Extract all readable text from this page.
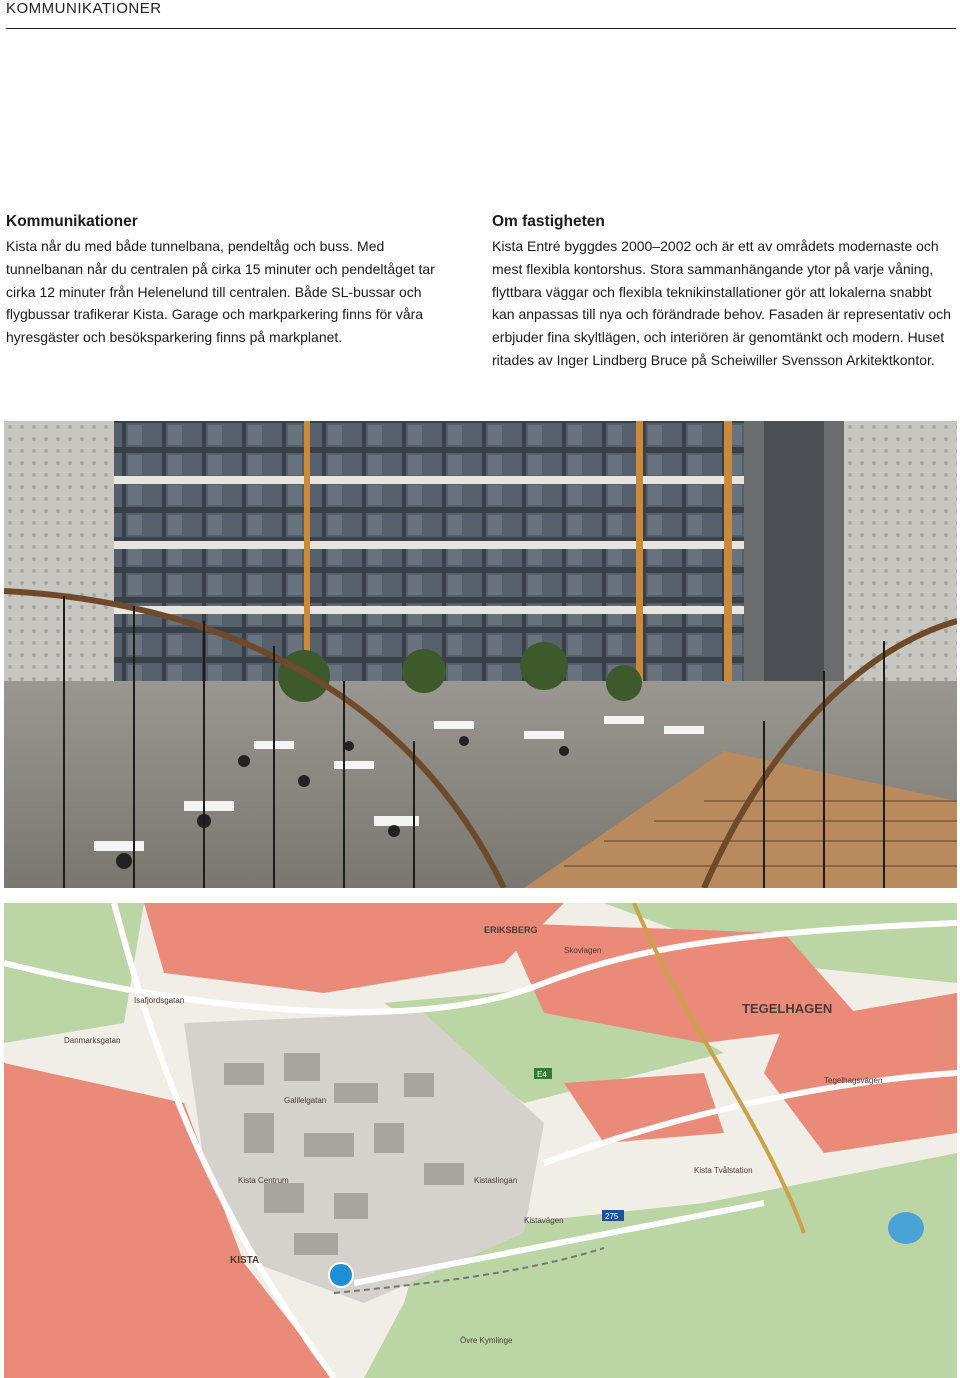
KOMMUNIKATIONER
Kommunikationer

Kista når du med både tunnelbana, pendeltåg och buss. Med tunnelbanan når du centralen på cirka 15 minuter och pendeltåget tar cirka 12 minuter från Helenelund till centralen. Både SL-bussar och flygbussar trafikerar Kista. Garage och markparkering finns för våra hyresgäster och besöksparkering finns på markplanet.

Om fastigheten

Kista Entré byggdes 2000–2002 och är ett av områdets modernaste och mest flexibla kontorshus. Stora sammanhängande ytor på varje våning, flyttbara väggar och flexibla teknikinstallationer gör att lokalerna snabbt kan anpassas till nya och förändrade behov. Fasaden är representativ och erbjuder fina skyltlägen, och interiören är genomtänkt och modern. Huset ritades av Inger Lindberg Bruce på Scheiwiller Svensson Arkitektkontor.

TEGELHAGEN
KISTA
ERIKSBERG
Kista Centrum
Kista Tvålstation
Tegelhagsvägen
Skovlagen
Kistavägen
Övre Kymlinge
Galilelgatan
Danmarksgatan
Isafjordsgatan
Kistaslingan
E4
275
